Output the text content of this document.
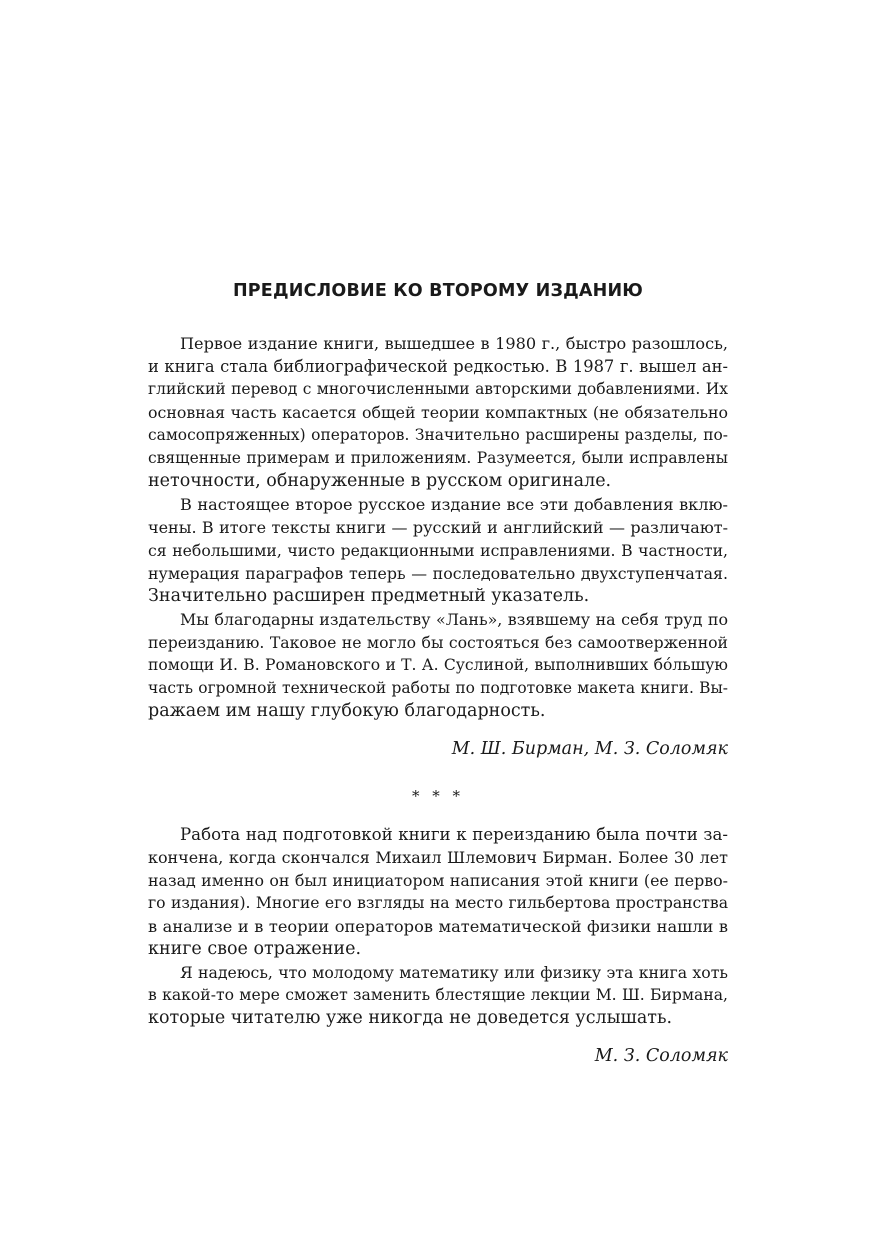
ПРЕДИСЛОВИЕ КО ВТОРОМУ ИЗДАНИЮ
Первое издание книги, вышедшее в 1980 г., быстро разошлось,
и книга стала библиографической редкостью. В 1987 г. вышел ан-
глийский перевод с многочисленными авторскими добавлениями. Их
основная часть касается общей теории компактных (не обязательно
самосопряженных) операторов. Значительно расширены разделы, по-
священные примерам и приложениям. Разумеется, были исправлены
неточности, обнаруженные в русском оригинале.
В настоящее второе русское издание все эти добавления вклю-
чены. В итоге тексты книги — русский и английский — различают-
ся небольшими, чисто редакционными исправлениями. В частности,
нумерация параграфов теперь — последовательно двухступенчатая.
Значительно расширен предметный указатель.
Мы благодарны издательству «Лань», взявшему на себя труд по
переизданию. Таковое не могло бы состояться без самоотверженной
помощи И. В. Романовского и Т. А. Суслиной, выполнивших бо́льшую
часть огромной технической работы по подготовке макета книги. Вы-
ражаем им нашу глубокую благодарность.
М. Ш. Бирман, М. З. Соломяк
* * *
Работа над подготовкой книги к переизданию была почти за-
кончена, когда скончался Михаил Шлемович Бирман. Более 30 лет
назад именно он был инициатором написания этой книги (ее перво-
го издания). Многие его взгляды на место гильбертова пространства
в анализе и в теории операторов математической физики нашли в
книге свое отражение.
Я надеюсь, что молодому математику или физику эта книга хоть
в какой-то мере сможет заменить блестящие лекции М. Ш. Бирмана,
которые читателю уже никогда не доведется услышать.
М. З. Соломяк
